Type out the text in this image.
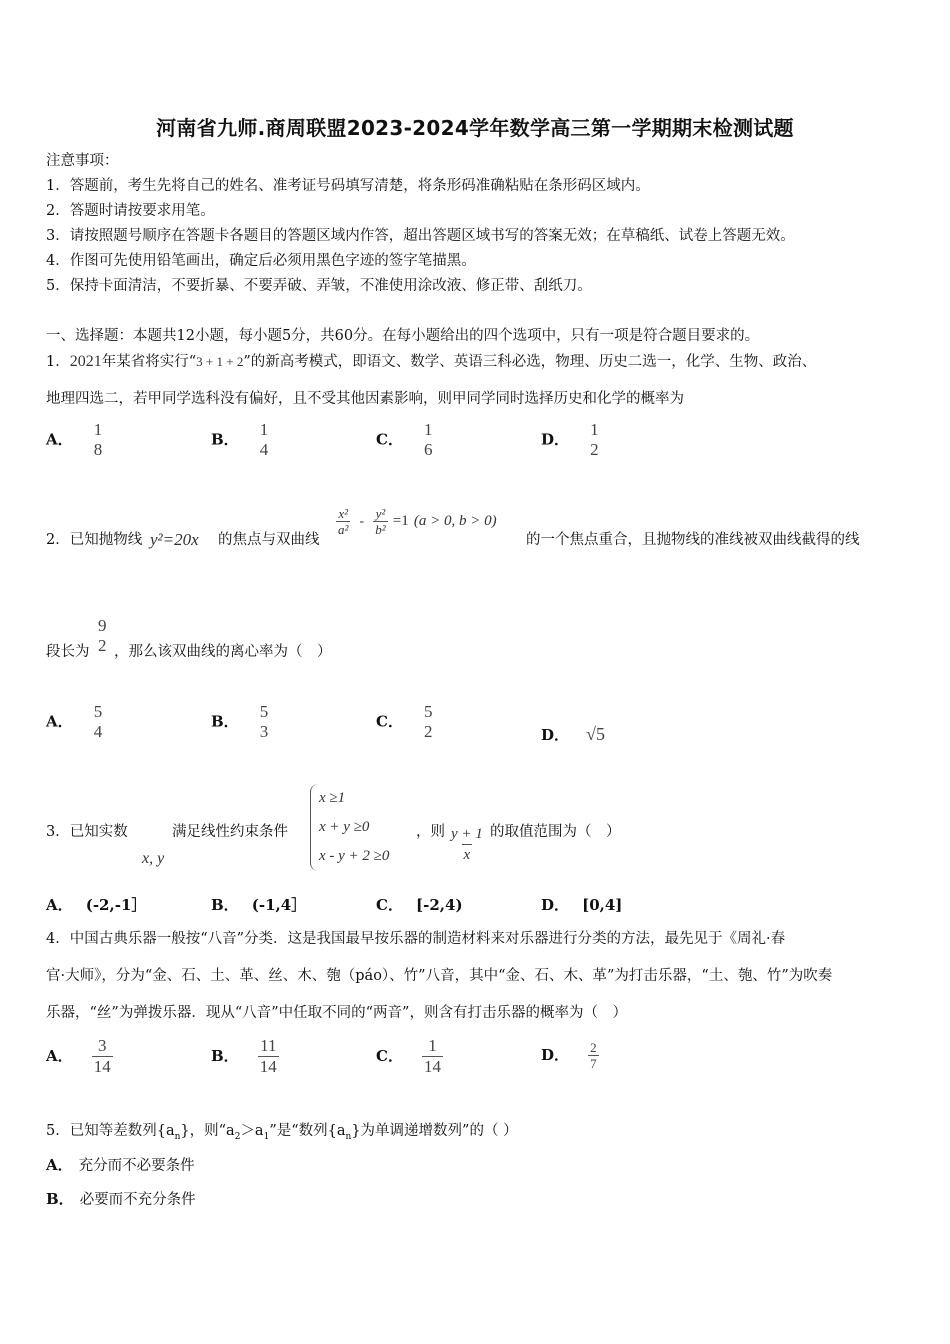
河南省九师.商周联盟2023-2024学年数学高三第一学期期末检测试题
注意事项：
1．答题前，考生先将自己的姓名、准考证号码填写清楚，将条形码准确粘贴在条形码区域内。
2．答题时请按要求用笔。
3．请按照题号顺序在答题卡各题目的答题区域内作答，超出答题区域书写的答案无效；在草稿纸、试卷上答题无效。
4．作图可先使用铅笔画出，确定后必须用黑色字迹的签字笔描黑。
5．保持卡面清洁，不要折暴、不要弄破、弄皱，不准使用涂改液、修正带、刮纸刀。
一、选择题：本题共12小题，每小题5分，共60分。在每小题给出的四个选项中，只有一项是符合题目要求的。
1．2021年某省将实行“3 + 1 + 2”的新高考模式，即语文、数学、英语三科必选，物理、历史二选一，化学、生物、政治、
地理四选二，若甲同学选科没有偏好，且不受其他因素影响，则甲同学同时选择历史和化学的概率为
A．
1
8
B．
1
4
C．
1
6
D．
1
2
2．已知抛物线 y²=20x 的焦点与双曲线
$\frac{\text{x²}}{\text{a²}} - \frac{\text{y²}}{\text{b²}} =1$ (a > 0, b > 0)
的一个焦点重合，且抛物线的准线被双曲线截得的线
段长为
9
2 ，那么该双曲线的离心率为（　）
A．
5
4
B．
5
3
C．
5
2	D． √5
3．已知实数
x, y
满足线性约束条件
x ≥1
x + y ≥0
x - y + 2 ≥0
，则 $\frac{y + 1}{x}$ 的取值范围为（　）
A． (-2,-1］	B． (-1,4］	C． [-2,4)	D． [0,4]
4．中国古典乐器一般按“八音”分类．这是我国最早按乐器的制造材料来对乐器进行分类的方法，最先见于《周礼·春
官·大师》，分为“金、石、土、革、丝、木、匏（páo）、竹”八音，其中“金、石、木、革”为打击乐器，“土、匏、竹”为吹奏
乐器，“丝”为弹拨乐器．现从“八音”中任取不同的“两音”，则含有打击乐器的概率为（　）
A． $\frac{3}{14}$	B． $\frac{11}{14}$	C． $\frac{1}{14}$	D． $\frac{2}{7}$
5．已知等差数列$\{a_n\}$，则“$a_2>a_1$”是“数列$\{a_n\}$为单调递增数列”的（ ）
A． 充分而不必要条件
B． 必要而不充分条件
